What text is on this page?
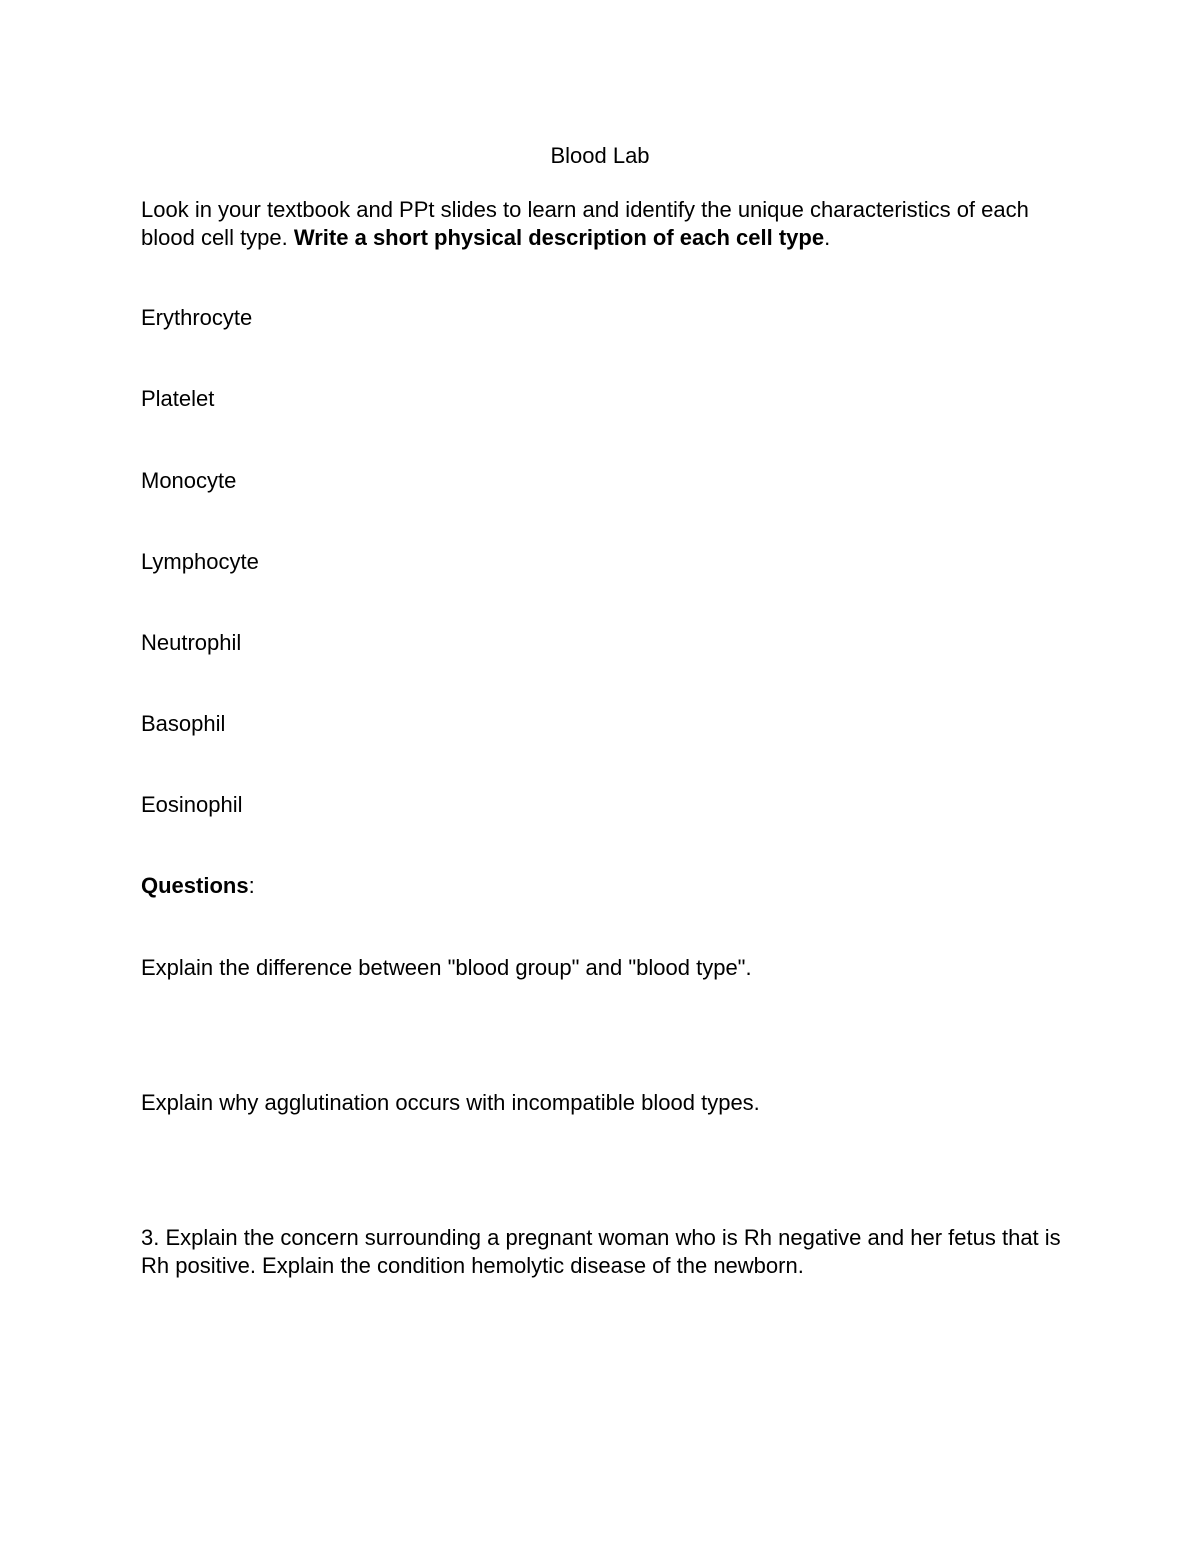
Blood Lab

Look in your textbook and PPt slides to learn and identify the unique characteristics of each blood cell type. Write a short physical description of each cell type.

Erythrocyte
Platelet
Monocyte
Lymphocyte
Neutrophil
Basophil
Eosinophil
Questions:

Explain the difference between "blood group" and "blood type".

Explain why agglutination occurs with incompatible blood types.

3. Explain the concern surrounding a pregnant woman who is Rh negative and her fetus that is Rh positive. Explain the condition hemolytic disease of the newborn.
